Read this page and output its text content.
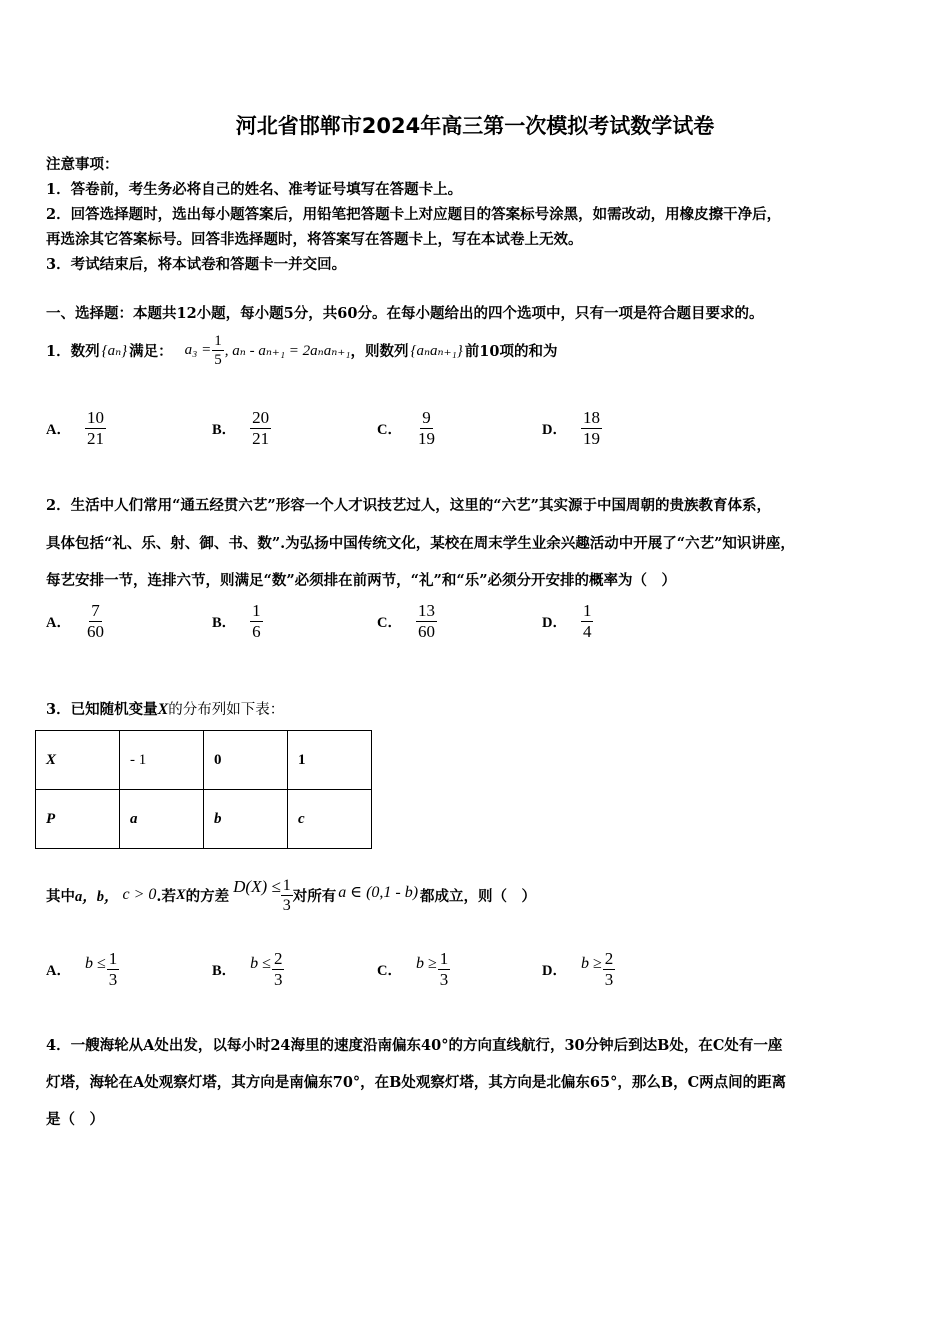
河北省邯郸市2024年高三第一次模拟考试数学试卷
注意事项：
1．答卷前，考生务必将自己的姓名、准考证号填写在答题卡上。
2．回答选择题时，选出每小题答案后，用铅笔把答题卡上对应题目的答案标号涂黑，如需改动，用橡皮擦干净后，
再选涂其它答案标号。回答非选择题时，将答案写在答题卡上，写在本试卷上无效。
3．考试结束后，将本试卷和答题卡一并交回。
一、选择题：本题共12小题，每小题5分，共60分。在每小题给出的四个选项中，只有一项是符合题目要求的。
1．数列 {aₙ} 满足： $a_3 = \frac{1}{5}$ , aₙ - aₙ₊₁ = 2aₙaₙ₊₁ ，则数列 {aₙaₙ₊₁} 前10项的和为
A． $\frac{10}{21}$	B． $\frac{20}{21}$	C． $\frac{9}{19}$	D． $\frac{18}{19}$
2．生活中人们常用“通五经贯六艺”形容一个人才识技艺过人，这里的“六艺”其实源于中国周朝的贵族教育体系，
具体包括“礼、乐、射、御、书、数”.为弘扬中国传统文化，某校在周末学生业余兴趣活动中开展了“六艺”知识讲座，
每艺安排一节，连排六节，则满足“数”必须排在前两节，“礼”和“乐”必须分开安排的概率为（　）
A． $\frac{7}{60}$	B． $\frac{1}{6}$	C． $\frac{13}{60}$	D． $\frac{1}{4}$
3．已知随机变量X的分布列如下表：
X	- 1	0	1
P	a	b	c
其中 a，b， c > 0 .若 X 的方差 $D(X) \le \frac{1}{3}$ 对所有 a ∈ (0,1 - b) 都成立，则（　）
A． $b \le \frac{1}{3}$	B． $b \le \frac{2}{3}$	C． $b \ge \frac{1}{3}$	D． $b \ge \frac{2}{3}$
4．一艘海轮从A处出发，以每小时24海里的速度沿南偏东40°的方向直线航行，30分钟后到达B处，在C处有一座
灯塔，海轮在A处观察灯塔，其方向是南偏东70°，在B处观察灯塔，其方向是北偏东65°，那么B，C两点间的距离
是（　）
